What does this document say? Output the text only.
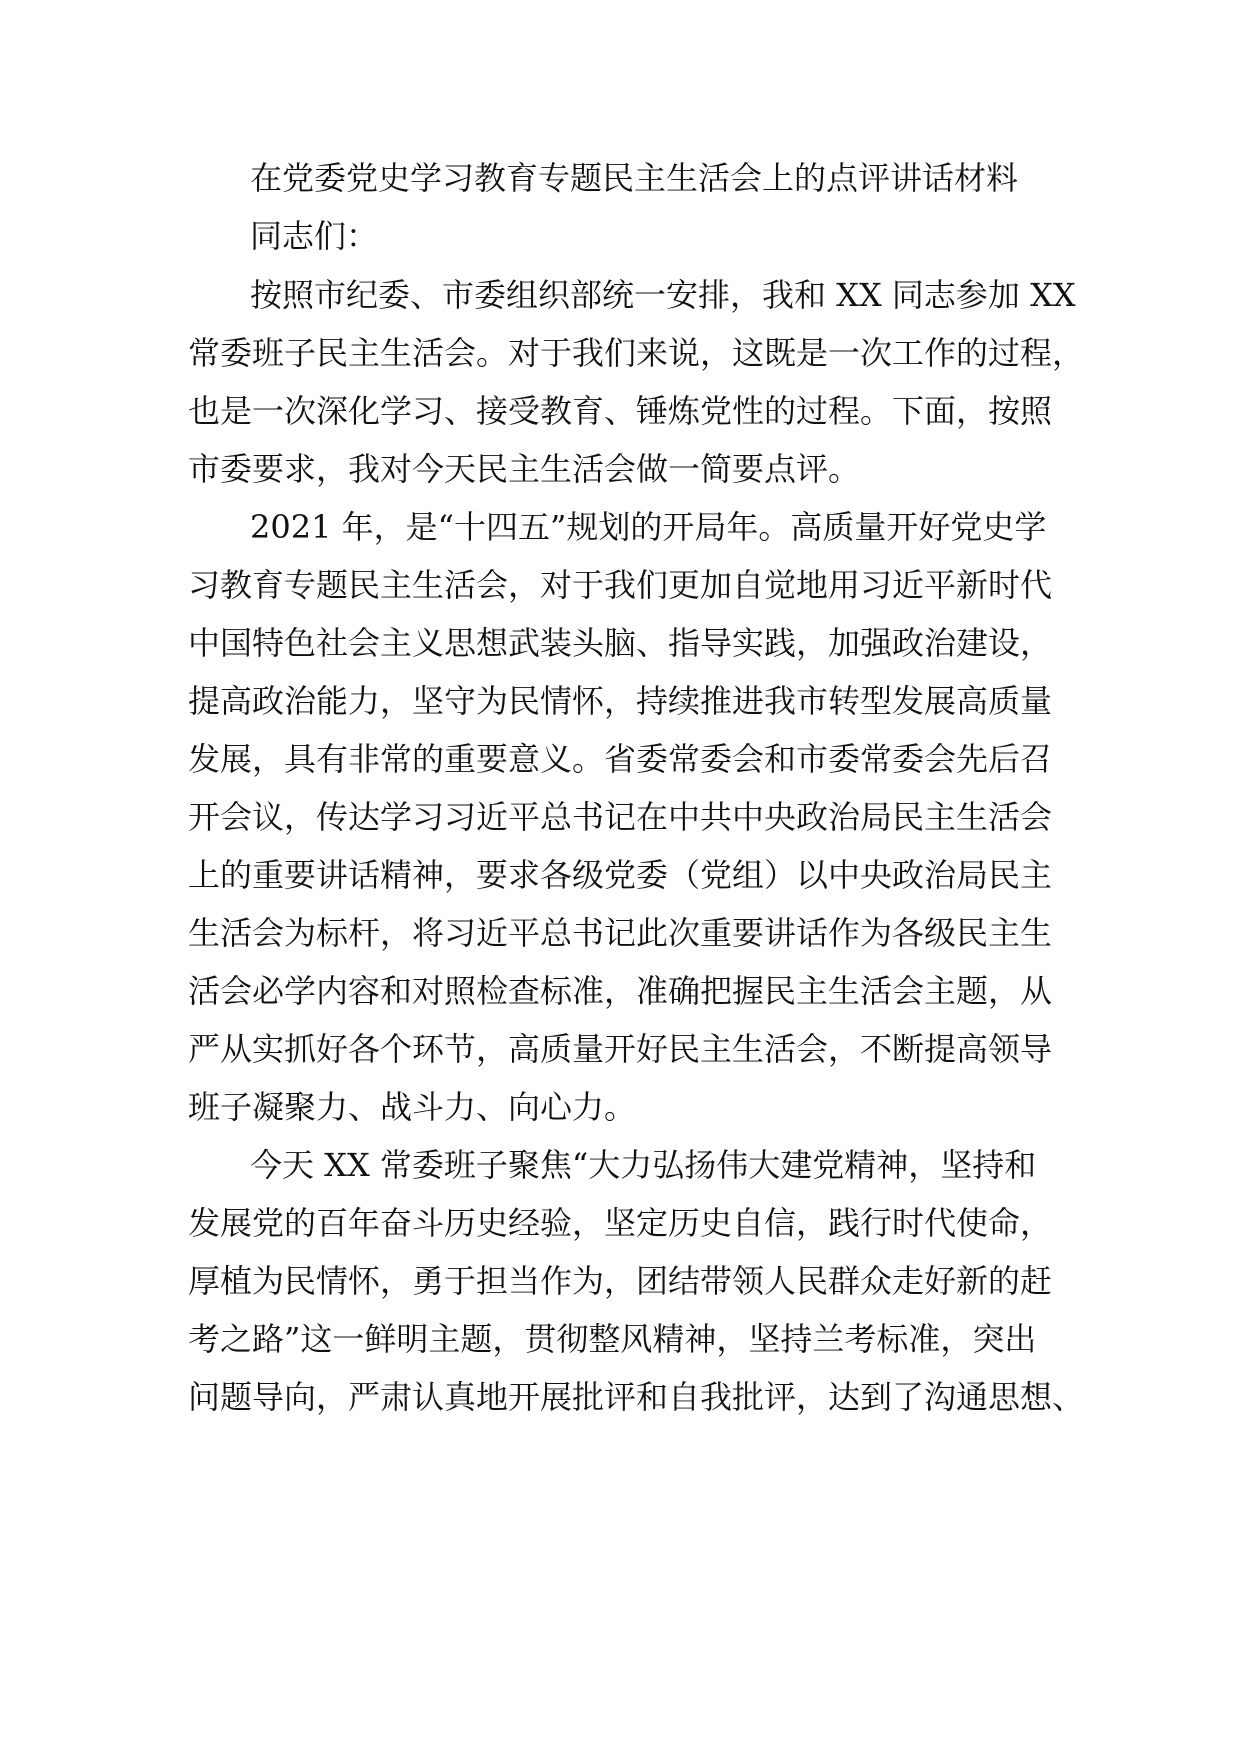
在党委党史学习教育专题民主生活会上的点评讲话材料
同志们：
按照市纪委、市委组织部统一安排，我和 XX 同志参加 XX
常委班子民主生活会。对于我们来说，这既是一次工作的过程，
也是一次深化学习、接受教育、锤炼党性的过程。下面，按照
市委要求，我对今天民主生活会做一简要点评。
2021 年，是“十四五”规划的开局年。高质量开好党史学
习教育专题民主生活会，对于我们更加自觉地用习近平新时代
中国特色社会主义思想武装头脑、指导实践，加强政治建设，
提高政治能力，坚守为民情怀，持续推进我市转型发展高质量
发展，具有非常的重要意义。省委常委会和市委常委会先后召
开会议，传达学习习近平总书记在中共中央政治局民主生活会
上的重要讲话精神，要求各级党委（党组）以中央政治局民主
生活会为标杆，将习近平总书记此次重要讲话作为各级民主生
活会必学内容和对照检查标准，准确把握民主生活会主题，从
严从实抓好各个环节，高质量开好民主生活会，不断提高领导
班子凝聚力、战斗力、向心力。
今天 XX 常委班子聚焦“大力弘扬伟大建党精神，坚持和
发展党的百年奋斗历史经验，坚定历史自信，践行时代使命，
厚植为民情怀，勇于担当作为，团结带领人民群众走好新的赶
考之路”这一鲜明主题，贯彻整风精神，坚持兰考标准，突出
问题导向，严肃认真地开展批评和自我批评，达到了沟通思想、
